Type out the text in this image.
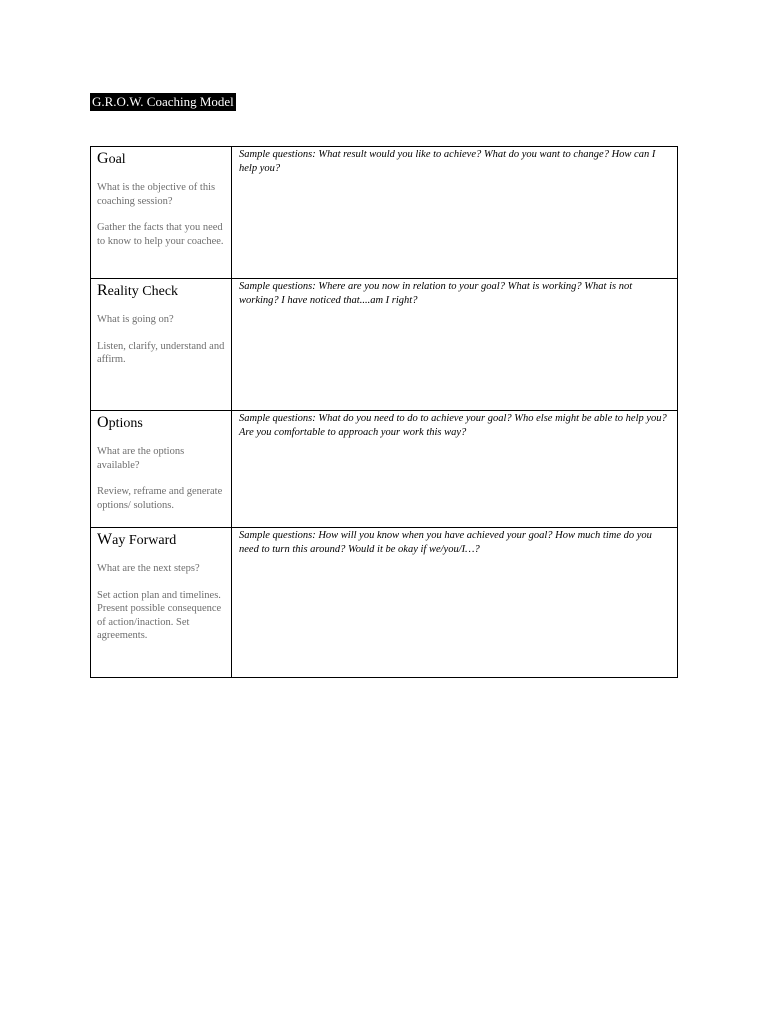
G.R.O.W. Coaching Model
Goal

What is the objective of this coaching session?

Gather the facts that you need to know to help your coachee.	Sample questions: What result would you like to achieve? What do you want to change? How can I help you?

Reality Check

What is going on?

Listen, clarify, understand and affirm.	Sample questions: Where are you now in relation to your goal? What is working? What is not working? I have noticed that....am I right?

Options

What are the options available?

Review, reframe and generate options/ solutions.	Sample questions: What do you need to do to achieve your goal? Who else might be able to help you? Are you comfortable to approach your work this way?

Way Forward

What are the next steps?

Set action plan and timelines. Present possible consequence of action/inaction. Set agreements.	Sample questions: How will you know when you have achieved your goal? How much time do you need to turn this around? Would it be okay if we/you/I…?
